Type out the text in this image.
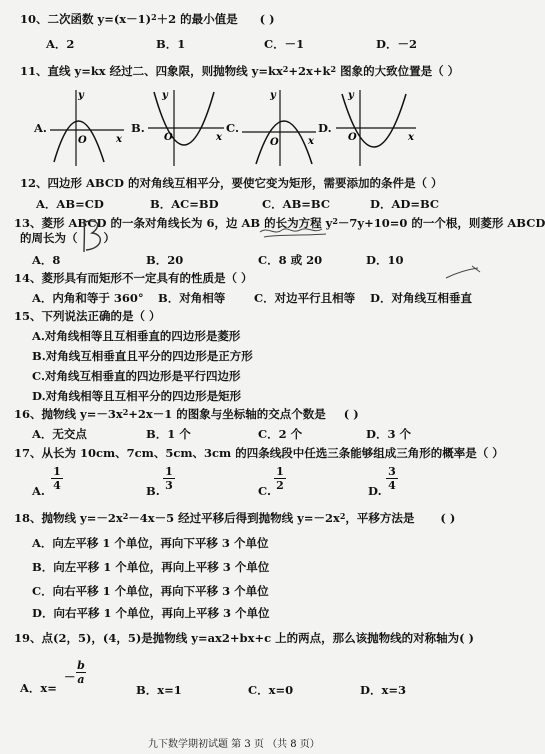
10、二次函数 $y=(x-1)^2+2$ 的最小值是 ( )
A．2	B．1	C．－1	D．－2
11、直线 y=kx 经过二、四象限，则抛物线 $y=kx^2+2x+k^2$ 图象的大致位置是（ ）
A.
y
x
O
B.
y
x
O
C.
y
x
O
D.
y
x
O
12、四边形 ABCD 的对角线互相平分，要使它变为矩形，需要添加的条件是（ ）
A．AB=CD	B．AC=BD	C．AB=BC	D．AD=BC
13、菱形 ABCD 的一条对角线长为 6，边 AB 的长为方程 $y^2-7y+10=0$ 的一个根，则菱形 ABCD
的周长为（ ）
A．8	B．20	C．8 或 20	D．10
14、菱形具有而矩形不一定具有的性质是（ ）
A．内角和等于 360° B．对角相等	C．对边平行且相等 D．对角线互相垂直
15、下列说法正确的是（ ）
A.对角线相等且互相垂直的四边形是菱形
B.对角线互相垂直且平分的四边形是正方形
C.对角线互相垂直的四边形是平行四边形
D.对角线相等且互相平分的四边形是矩形
16、抛物线 $y=-3x^2+2x-1$ 的图象与坐标轴的交点个数是 ( )
A．无交点	B．1 个	C．2 个	D．3 个
17、从长为 10cm、7cm、5cm、3cm 的四条线段中任选三条能够组成三角形的概率是（ ）
A.
1
4	B.
1
3	C.
1
2	D.
3
4
18、抛物线 $y=-2x^2-4x-5$ 经过平移后得到抛物线 $y=-2x^2$，平移方法是 ( )
A．向左平移 1 个单位，再向下平移 3 个单位
B．向左平移 1 个单位，再向上平移 3 个单位
C．向右平移 1 个单位，再向下平移 3 个单位
D．向右平移 1 个单位，再向上平移 3 个单位
19、点(2，5)，(4，5)是抛物线 y=ax2+bx+c 上的两点，那么该抛物线的对称轴为( )
A．x=
－
b
a
B．x=1	C．x=0	D．x=3
九下数学期初试题 第 3 页 （共 8 页）
